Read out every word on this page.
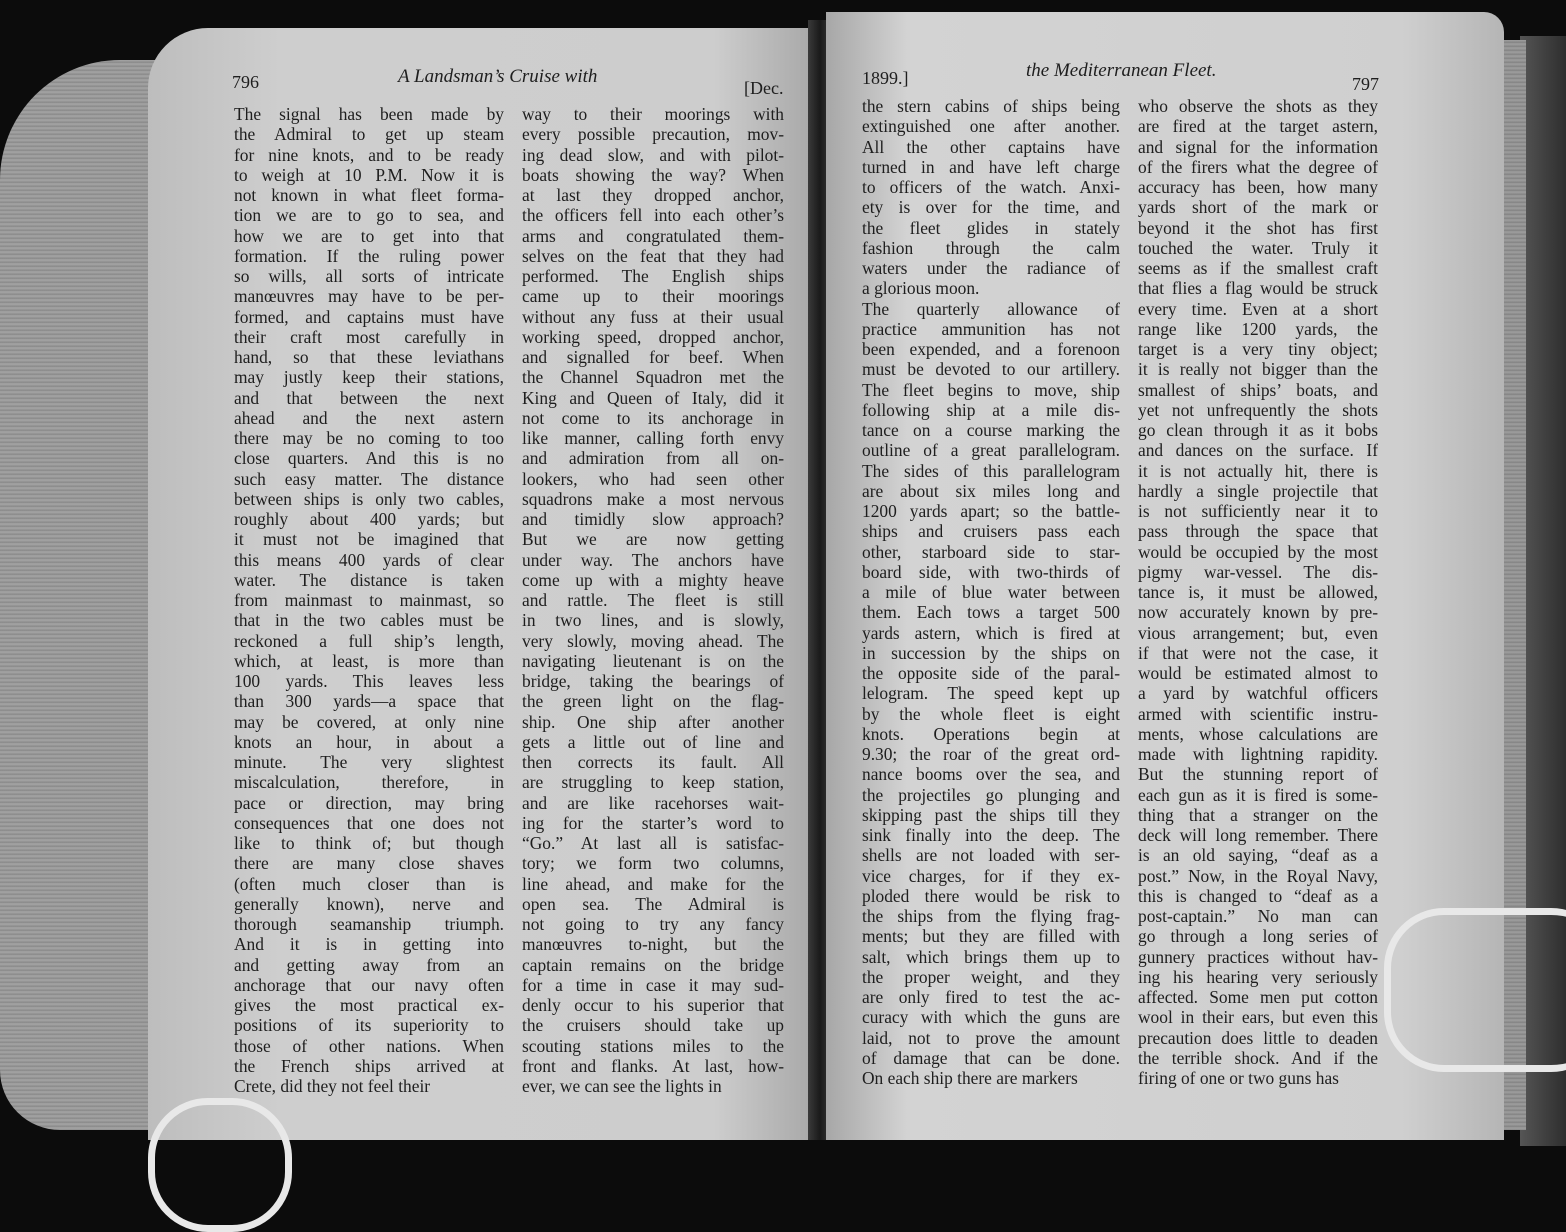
796	A Landsman’s Cruise with
[Dec.
The signal has been made by
the Admiral to get up steam
for nine knots, and to be ready
to weigh at 10 P.M. Now it is
not known in what fleet forma-
tion we are to go to sea, and
how we are to get into that
formation. If the ruling power
so wills, all sorts of intricate
manœuvres may have to be per-
formed, and captains must have
their craft most carefully in
hand, so that these leviathans
may justly keep their stations,
and that between the next
ahead and the next astern
there may be no coming to too
close quarters. And this is no
such easy matter. The distance
between ships is only two cables,
roughly about 400 yards; but
it must not be imagined that
this means 400 yards of clear
water. The distance is taken
from mainmast to mainmast, so
that in the two cables must be
reckoned a full ship’s length,
which, at least, is more than
100 yards. This leaves less
than 300 yards—a space that
may be covered, at only nine
knots an hour, in about a
minute. The very slightest
miscalculation, therefore, in
pace or direction, may bring
consequences that one does not
like to think of; but though
there are many close shaves
(often much closer than is
generally known), nerve and
thorough seamanship triumph.
And it is in getting into
and getting away from an
anchorage that our navy often
gives the most practical ex-
positions of its superiority to
those of other nations. When
the French ships arrived at
Crete, did they not feel their
way to their moorings with
every possible precaution, mov-
ing dead slow, and with pilot-
boats showing the way? When
at last they dropped anchor,
the officers fell into each other’s
arms and congratulated them-
selves on the feat that they had
performed. The English ships
came up to their moorings
without any fuss at their usual
working speed, dropped anchor,
and signalled for beef. When
the Channel Squadron met the
King and Queen of Italy, did it
not come to its anchorage in
like manner, calling forth envy
and admiration from all on-
lookers, who had seen other
squadrons make a most nervous
and timidly slow approach?
But we are now getting
under way. The anchors have
come up with a mighty heave
and rattle. The fleet is still
in two lines, and is slowly,
very slowly, moving ahead. The
navigating lieutenant is on the
bridge, taking the bearings of
the green light on the flag-
ship. One ship after another
gets a little out of line and
then corrects its fault. All
are struggling to keep station,
and are like racehorses wait-
ing for the starter’s word to
“Go.” At last all is satisfac-
tory; we form two columns,
line ahead, and make for the
open sea. The Admiral is
not going to try any fancy
manœuvres to-night, but the
captain remains on the bridge
for a time in case it may sud-
denly occur to his superior that
the cruisers should take up
scouting stations miles to the
front and flanks. At last, how-
ever, we can see the lights in
1899.]	the Mediterranean Fleet.
797
the stern cabins of ships being
extinguished one after another.
All the other captains have
turned in and have left charge
to officers of the watch. Anxi-
ety is over for the time, and
the fleet glides in stately
fashion through the calm
waters under the radiance of
a glorious moon.
The quarterly allowance of
practice ammunition has not
been expended, and a forenoon
must be devoted to our artillery.
The fleet begins to move, ship
following ship at a mile dis-
tance on a course marking the
outline of a great parallelogram.
The sides of this parallelogram
are about six miles long and
1200 yards apart; so the battle-
ships and cruisers pass each
other, starboard side to star-
board side, with two-thirds of
a mile of blue water between
them. Each tows a target 500
yards astern, which is fired at
in succession by the ships on
the opposite side of the paral-
lelogram. The speed kept up
by the whole fleet is eight
knots. Operations begin at
9.30; the roar of the great ord-
nance booms over the sea, and
the projectiles go plunging and
skipping past the ships till they
sink finally into the deep. The
shells are not loaded with ser-
vice charges, for if they ex-
ploded there would be risk to
the ships from the flying frag-
ments; but they are filled with
salt, which brings them up to
the proper weight, and they
are only fired to test the ac-
curacy with which the guns are
laid, not to prove the amount
of damage that can be done.
On each ship there are markers
who observe the shots as they
are fired at the target astern,
and signal for the information
of the firers what the degree of
accuracy has been, how many
yards short of the mark or
beyond it the shot has first
touched the water. Truly it
seems as if the smallest craft
that flies a flag would be struck
every time. Even at a short
range like 1200 yards, the
target is a very tiny object;
it is really not bigger than the
smallest of ships’ boats, and
yet not unfrequently the shots
go clean through it as it bobs
and dances on the surface. If
it is not actually hit, there is
hardly a single projectile that
is not sufficiently near it to
pass through the space that
would be occupied by the most
pigmy war-vessel. The dis-
tance is, it must be allowed,
now accurately known by pre-
vious arrangement; but, even
if that were not the case, it
would be estimated almost to
a yard by watchful officers
armed with scientific instru-
ments, whose calculations are
made with lightning rapidity.
But the stunning report of
each gun as it is fired is some-
thing that a stranger on the
deck will long remember. There
is an old saying, “deaf as a
post.” Now, in the Royal Navy,
this is changed to “deaf as a
post-captain.” No man can
go through a long series of
gunnery practices without hav-
ing his hearing very seriously
affected. Some men put cotton
wool in their ears, but even this
precaution does little to deaden
the terrible shock. And if the
firing of one or two guns has
